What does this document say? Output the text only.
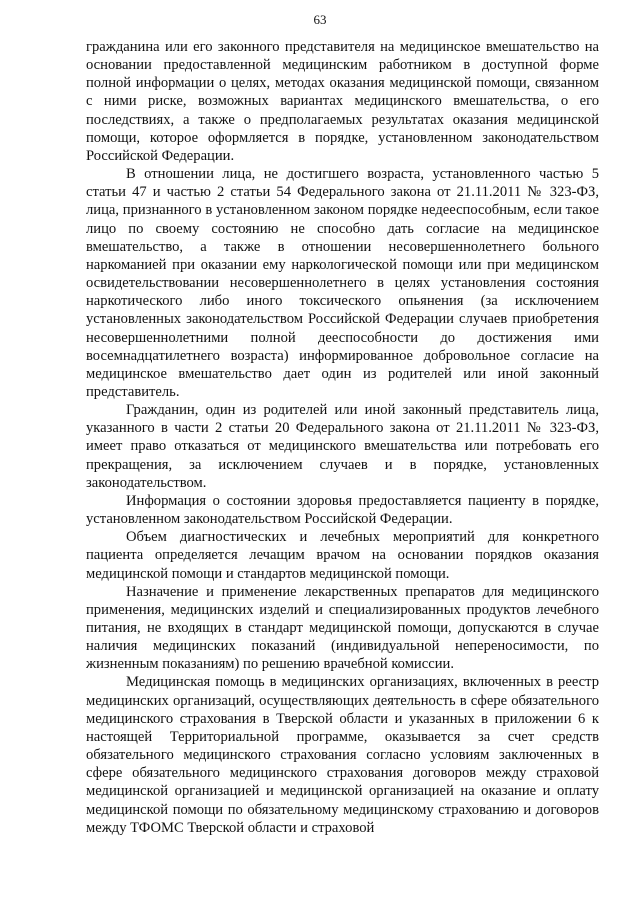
63

гражданина или его законного представителя на медицинское вмешательство на основании предоставленной медицинским работником в доступной форме полной информации о целях, методах оказания медицинской помощи, связанном с ними риске, возможных вариантах медицинского вмешательства, о его последствиях, а также о предполагаемых результатах оказания медицинской помощи, которое оформляется в порядке, установленном законодательством Российской Федерации.

В отношении лица, не достигшего возраста, установленного частью 5 статьи 47 и частью 2 статьи 54 Федерального закона от 21.11.2011 № 323-ФЗ, лица, признанного в установленном законом порядке недееспособным, если такое лицо по своему состоянию не способно дать согласие на медицинское вмешательство, а также в отношении несовершеннолетнего больного наркоманией при оказании ему наркологической помощи или при медицинском освидетельствовании несовершеннолетнего в целях установления состояния наркотического либо иного токсического опьянения (за исключением установленных законодательством Российской Федерации случаев приобретения несовершеннолетними полной дееспособности до достижения ими восемнадцатилетнего возраста) информированное добровольное согласие на медицинское вмешательство дает один из родителей или иной законный представитель.

Гражданин, один из родителей или иной законный представитель лица, указанного в части 2 статьи 20 Федерального закона от 21.11.2011 № 323-ФЗ, имеет право отказаться от медицинского вмешательства или потребовать его прекращения, за исключением случаев и в порядке, установленных законодательством.

Информация о состоянии здоровья предоставляется пациенту в порядке, установленном законодательством Российской Федерации.

Объем диагностических и лечебных мероприятий для конкретного пациента определяется лечащим врачом на основании порядков оказания медицинской помощи и стандартов медицинской помощи.

Назначение и применение лекарственных препаратов для медицинского применения, медицинских изделий и специализированных продуктов лечебного питания, не входящих в стандарт медицинской помощи, допускаются в случае наличия медицинских показаний (индивидуальной непереносимости, по жизненным показаниям) по решению врачебной комиссии.

Медицинская помощь в медицинских организациях, включенных в реестр медицинских организаций, осуществляющих деятельность в сфере обязательного медицинского страхования в Тверской области и указанных в приложении 6 к настоящей Территориальной программе, оказывается за счет средств обязательного медицинского страхования согласно условиям заключенных в сфере обязательного медицинского страхования договоров между страховой медицинской организацией и медицинской организацией на оказание и оплату медицинской помощи по обязательному медицинскому страхованию и договоров между ТФОМС Тверской области и страховой
